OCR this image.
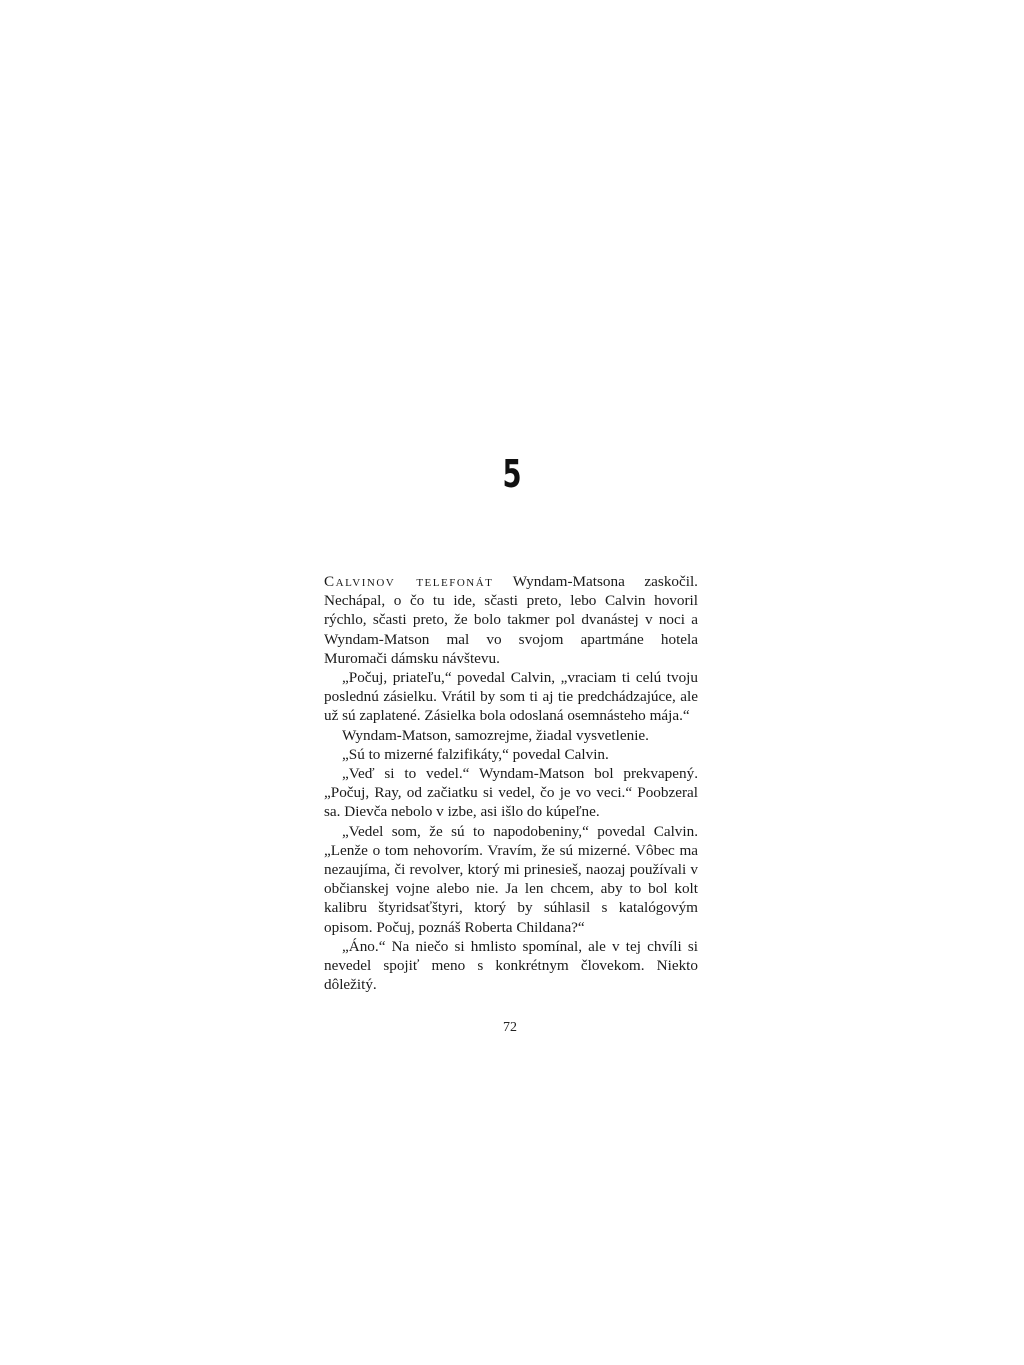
5

Calvinov telefonát Wyndam-Matsona zaskočil. Nechápal, o čo tu ide, sčasti preto, lebo Calvin hovoril rýchlo, sčasti preto, že bolo takmer pol dvanástej v noci a Wyndam-Matson mal vo svojom apartmáne hotela Muromači dámsku návštevu.

„Počuj, priateľu,“ povedal Calvin, „vraciam ti celú tvoju poslednú zásielku. Vrátil by som ti aj tie predchádzajúce, ale už sú zaplatené. Zásielka bola odoslaná osemnásteho mája.“

Wyndam-Matson, samozrejme, žiadal vysvetlenie.

„Sú to mizerné falzifikáty,“ povedal Calvin.

„Veď si to vedel.“ Wyndam-Matson bol prekvapený. „Počuj, Ray, od začiatku si vedel, čo je vo veci.“ Poobzeral sa. Dievča nebolo v izbe, asi išlo do kúpeľne.

„Vedel som, že sú to napodobeniny,“ povedal Calvin. „Lenže o tom nehovorím. Vravím, že sú mizerné. Vôbec ma nezaujíma, či revolver, ktorý mi prinesieš, naozaj používali v občianskej vojne alebo nie. Ja len chcem, aby to bol kolt kalibru štyridsaťštyri, ktorý by súhlasil s katalógovým opisom. Počuj, poznáš Roberta Childana?“

„Áno.“ Na niečo si hmlisto spomínal, ale v tej chvíli si nevedel spojiť meno s konkrétnym človekom. Niekto dôležitý.

72
